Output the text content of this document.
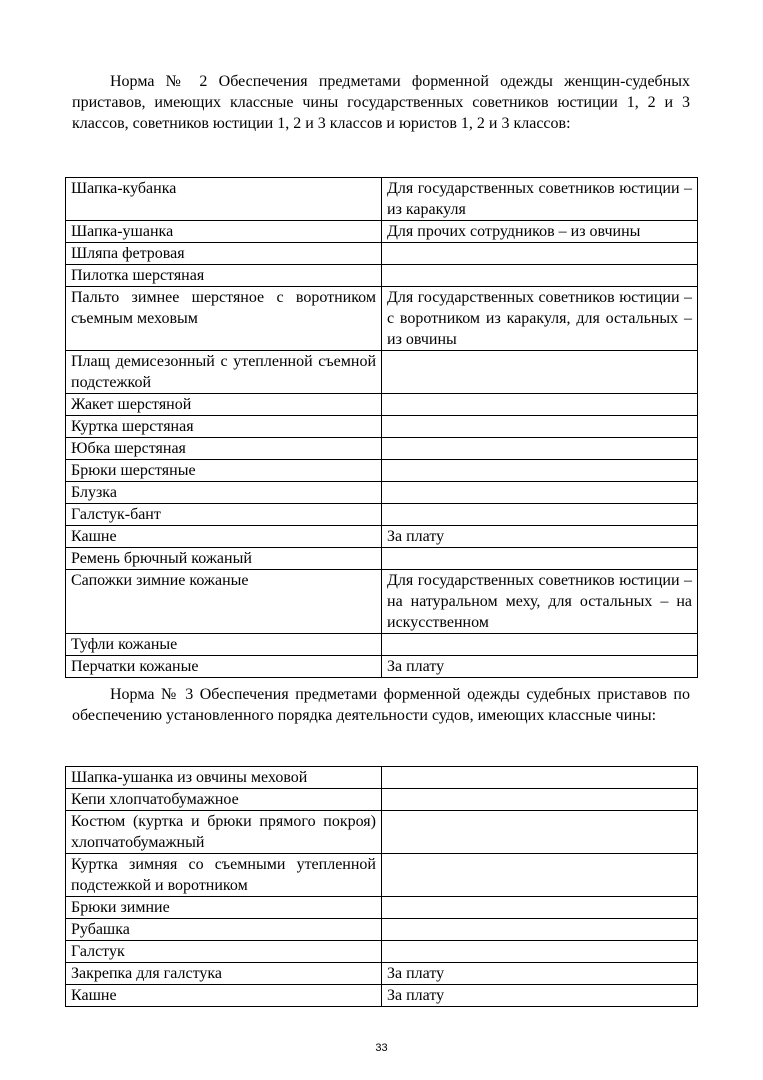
Норма № 2 Обеспечения предметами форменной одежды женщин-судебных приставов, имеющих классные чины государственных советников юстиции 1, 2 и 3 классов, советников юстиции 1, 2 и 3 классов и юристов 1, 2 и 3 классов:

Шапка-кубанка	Для государственных советников юстиции – из каракуля
Шапка-ушанка	Для прочих сотрудников – из овчины
Шляпа фетровая	
Пилотка шерстяная	
Пальто зимнее шерстяное с воротником съемным меховым	Для государственных советников юстиции – с воротником из каракуля, для остальных – из овчины
Плащ демисезонный с утепленной съемной подстежкой	
Жакет шерстяной	
Куртка шерстяная	
Юбка шерстяная	
Брюки шерстяные	
Блузка	
Галстук-бант	
Кашне	За плату
Ремень брючный кожаный	
Сапожки зимние кожаные	Для государственных советников юстиции – на натуральном меху, для остальных – на искусственном
Туфли кожаные	
Перчатки кожаные	За плату

Норма № 3 Обеспечения предметами форменной одежды судебных приставов по обеспечению установленного порядка деятельности судов, имеющих классные чины:

Шапка-ушанка из овчины меховой	
Кепи хлопчатобумажное	
Костюм (куртка и брюки прямого покроя) хлопчатобумажный	
Куртка зимняя со съемными утепленной подстежкой и воротником	
Брюки зимние	
Рубашка	
Галстук	
Закрепка для галстука	За плату
Кашне	За плату
33
